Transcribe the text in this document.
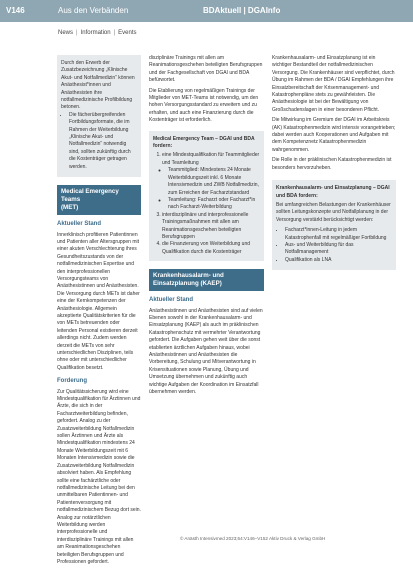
V146	Aus den Verbänden	BDAktuell | DGAInfo
News | Information | Events

Durch den Erwerb der Zusatzbezeichnung „Klinische Akut- und Notfallmedizin“ können Anästhesist*innen und Anästhesisten ihre notfallmedizinische Profilbildung betonen.

• Die fächerübergreifenden Fortbildungsformate, die im Rahmen der Weiterbildung „Klinische Akut- und Notfallmedizin“ notwendig sind, sollten zukünftig durch die Kostenträger getragen werden.
Medical Emergency Teams
(MET)
Aktueller Stand

Innerklinisch profitieren Patientinnen und Patienten aller Altersgruppen mit einer akuten Verschlechterung ihres Gesundheitszustands von der notfallmedizinischen Expertise und den interprofessionellen Versorgungsteams von Anästhesistinnen und Anästhesisten. Die Versorgung durch METs ist daher eine der Kernkompetenzen der Anästhesiologie. Allgemein akzeptierte Qualitätskriterien für die von METs betreuenden oder leitenden Personal existieren derzeit allerdings nicht. Zudem werden derzeit die METs von sehr unterschiedlichen Disziplinen, teils ohne oder mit unterschiedlicher Qualifikation besetzt.

Forderung

Zur Qualitätssicherung wird eine Mindestqualifikation für Ärztinnen und Ärzte, die sich in der Facharztweiterbildung befinden, gefordert. Analog zu der Zusatzweiterbildung Notfallmedizin sollen Ärztinnen und Ärzte als Mindestqualifikation mindestens 24 Monate Weiterbildungszeit mit 6 Monaten Intensivmedizin sowie die Zusatzweiterbildung Notfallmedizin absolviert haben. Als Empfehlung sollte eine fachärztliche oder notfallmedizinische Leitung bei den unmittelbaren Patientinnen- und Patientenversorgung mit notfallmedizinischem Bezug dort sein. Analog zur notärztlichen Weiterbildung werden interprofessionelle und interdisziplinäre Trainings mit allen am Reanimationsgeschehen beteiligten Berufsgruppen und Professionen gefordert.

disziplinäre Trainings mit allen am Reanimationsgeschehen beteiligten Berufsgruppen und der Fachgesellschaft von DGAI und BDA befürwortet.

Die Etablierung von regelmäßigen Trainings der Mitglieder von MET-Teams ist notwendig, um den hohen Versorgungsstandard zu erweitern und zu erhalten, und auch eine Finanzierung durch die Kostenträger ist erforderlich.

Medical Emergency Team – DGAI und BDA fordern:
1. eine Mindestqualifikation für Teammitglieder und Teamleitung
◦ Teammitglied: Mindestens 24 Monate Weiterbildungszeit inkl. 6 Monate Intensivmedizin und ZWB Notfallmedizin, zum Erreichen der Facharztstandard
◦ Teamleitung: Facharzt oder Facharzt*in nach Facharzt-Weiterbildung
3. interdisziplinäre und interprofessionelle Trainingsmaßnahmen mit allen am Reanimationsgeschehen beteiligten Berufsgruppen
4. die Finanzierung von Weiterbildung und Qualifikation durch die Kostenträger
Krankenhausalarm- und Einsatzplanung (KAEP)
Aktueller Stand

Anästhesistinnen und Anästhesisten sind auf vielen Ebenen sowohl in der Krankenhausalarm- und Einsatzplanung (KAEP) als auch im präklinischen Katastrophenschutz mit vermehrter Verantwortung gefordert. Die Aufgaben gehen weit über die sonst etablierten ärztlichen Aufgaben hinaus, wobei Anästhesistinnen und Anästhesisten die Vorbereitung, Schulung und Mitverantwortung in Krisensituationen sowie Planung, Übung und Umsetzung übernehmen und zukünftig auch wichtige Aufgaben der Koordination im Einsatzfall übernehmen werden.

Krankenhausalarm- und Einsatzplanung ist ein wichtiger Bestandteil der notfallmedizinischen Versorgung. Die Krankenhäuser sind verpflichtet, durch Übung im Rahmen der BDA / DGAI Empfehlungen ihre Einsatzbereitschaft der Krisenmanagement- und Katastrophenpläne stets zu gewährleisten. Die Anästhesiologie ist bei der Bewältigung von Großschadenslagen in einer besonderen Pflicht.

Die Mitwirkung im Gremium der DGAI im Arbeitskreis (AK) Katastrophenmedizin wird intensiv vorangetrieben; dabei werden auch Kooperationen und Aufgaben mit dem Kompetenznetz Katastrophenmedizin wahrgenommen.

Die Rolle in der präklinischen Katastrophenmedizin ist besonders hervorzuheben.

Krankenhausalarm- und Einsatzplanung – DGAI und BDA fordern:

Bei umfangreichen Belastungen der Krankenhäuser sollten Leitungskonzepte und Notfallplanung in der Versorgung verstärkt berücksichtigt werden:

• Facharzt*innen-Leitung in jedem Katastrophenfall mit regelmäßiger Fortbildung
• Aus- und Weiterbildung für das Notfallmanagement
• Qualifikation als LNA
© Anästh Intensivmed 2023;64:V146–V152 Aktiv Druck & Verlag GmbH
